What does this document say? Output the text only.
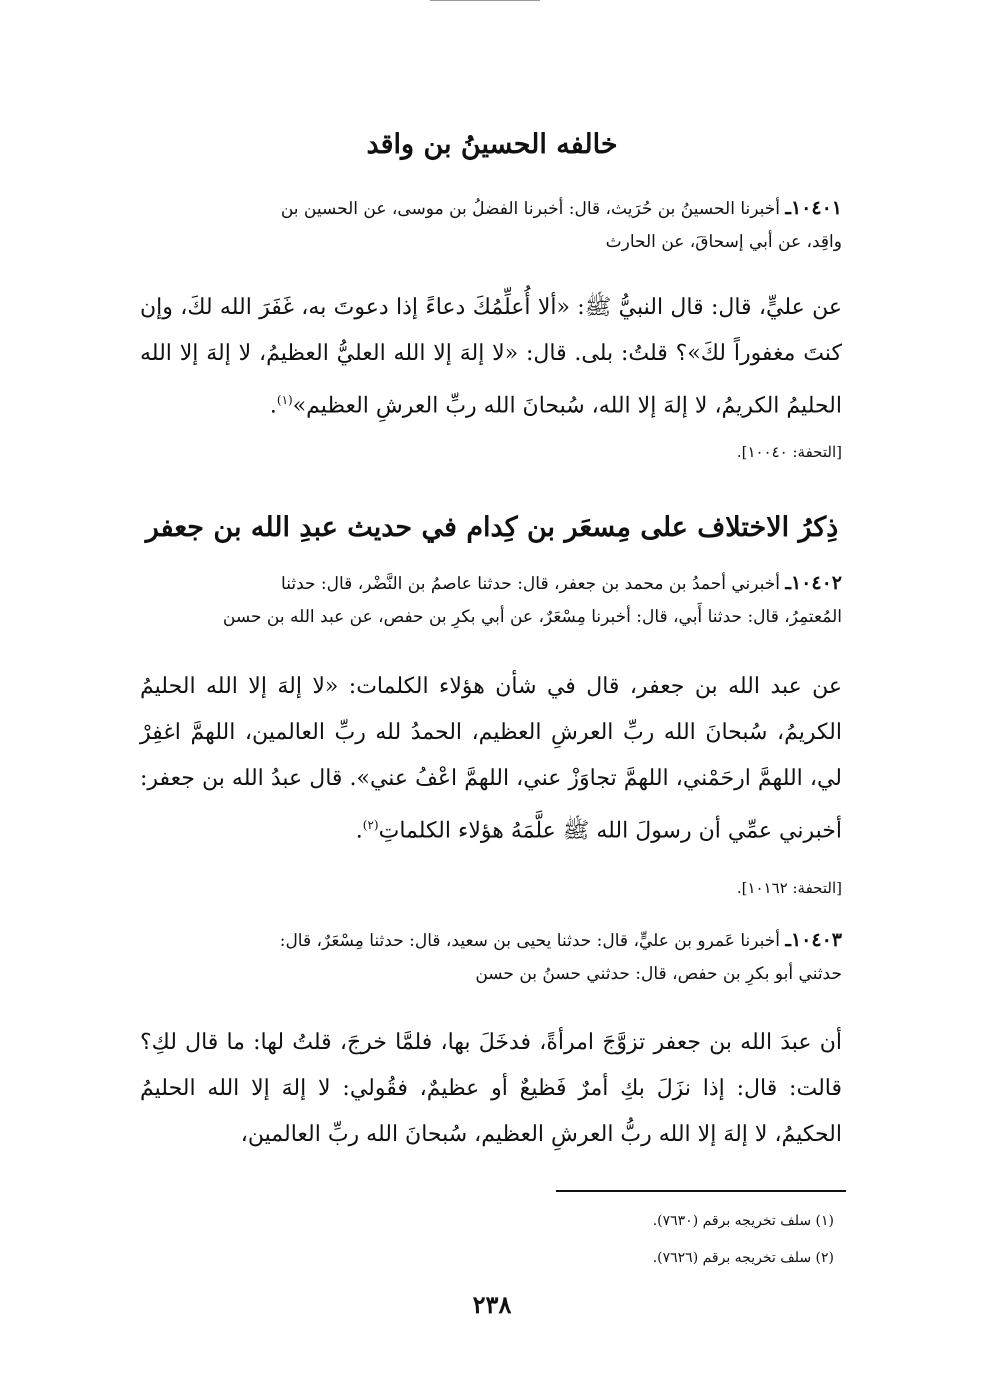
خالفه الحسينُ بن واقد
١٠٤٠١ـ أخبرنا الحسينُ بن حُرَيث، قال: أخبرنا الفضلُ بن موسى، عن الحسين بن
واقِد، عن أبي إسحاقَ، عن الحارث
عن عليٍّ، قال: قال النبيُّ ﷺ: «ألا أُعلِّمُكَ دعاءً إذا دعوتَ به، غَفَرَ الله لكَ، وإن كنتَ مغفوراً لكَ»؟ قلتُ: بلى. قال: «لا إلهَ إلا الله العليُّ العظيمُ، لا إلهَ إلا الله الحليمُ الكريمُ، لا إلهَ إلا الله، سُبحانَ الله ربِّ العرشِ العظيم»$^{(١)}$.
[التحفة: ١٠٠٤٠].
ذِكرُ الاختلاف على مِسعَر بن كِدام في حديث عبدِ الله بن جعفر
١٠٤٠٢ـ أخبرني أحمدُ بن محمد بن جعفر، قال: حدثنا عاصمُ بن النَّضْر، قال: حدثنا
المُعتمِرُ، قال: حدثنا أَبي، قال: أخبرنا مِسْعَرٌ، عن أبي بكرِ بن حفص، عن عبد الله بن حسن
عن عبد الله بن جعفر، قال في شأن هؤلاء الكلمات: «لا إلهَ إلا الله الحليمُ الكريمُ، سُبحانَ الله ربِّ العرشِ العظيم، الحمدُ لله ربِّ العالمين، اللهمَّ اغفِرْ لي، اللهمَّ ارحَمْني، اللهمَّ تجاوَزْ عني، اللهمَّ اعْفُ عني». قال عبدُ الله بن جعفر: أخبرني عمِّي أن رسولَ الله ﷺ علَّمَهُ هؤلاء الكلماتِ$^{(٢)}$.
[التحفة: ١٠١٦٢].
١٠٤٠٣ـ أخبرنا عَمرو بن عليٍّ، قال: حدثنا يحيى بن سعيد، قال: حدثنا مِسْعَرٌ، قال:
حدثني أبو بكرِ بن حفص، قال: حدثني حسنُ بن حسن
أن عبدَ الله بن جعفر تزوَّجَ امرأةً، فدخَلَ بها، فلمَّا خرجَ، قلتُ لها: ما قال لكِ؟ قالت: قال: إذا نزَلَ بكِ أمرٌ فَظيعٌ أو عظيمٌ، فقُولي: لا إلهَ إلا الله الحليمُ الحكيمُ، لا إلهَ إلا الله ربُّ العرشِ العظيم، سُبحانَ الله ربِّ العالمين،
(١) سلف تخريجه برقم (٧٦٣٠).
(٢) سلف تخريجه برقم (٧٦٢٦).
٢٣٨
